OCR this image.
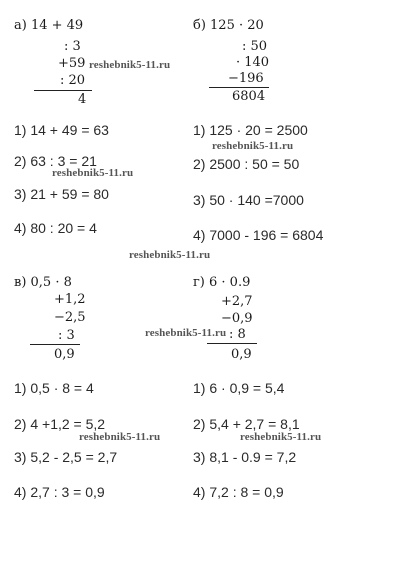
а) 14 + 49
: 3
+59
: 20
4
reshebnik5-11.ru
1) 14 + 49 = 63
2) 63 : 3 = 21
3) 21 + 59 = 80
4) 80 : 20 = 4
reshebnik5-11.ru
б) 125 · 20
: 50
· 140
−196
6804
1) 125 · 20 = 2500
reshebnik5-11.ru
2) 2500 : 50 = 50
3) 50 · 140 =7000
4) 7000 - 196 = 6804
reshebnik5-11.ru
в) 0,5 · 8
+1,2
−2,5
: 3
0,9
г) 6 · 0.9
+2,7
−0,9
: 8
0,9
reshebnik5-11.ru
1) 0,5 · 8 = 4
2) 4 +1,2 = 5,2
reshebnik5-11.ru
3) 5,2 - 2,5 = 2,7
4) 2,7 : 3 = 0,9
1) 6 · 0,9 = 5,4
2) 5,4 + 2,7 = 8,1
reshebnik5-11.ru
3) 8,1 - 0.9 = 7,2
4) 7,2 : 8 = 0,9
